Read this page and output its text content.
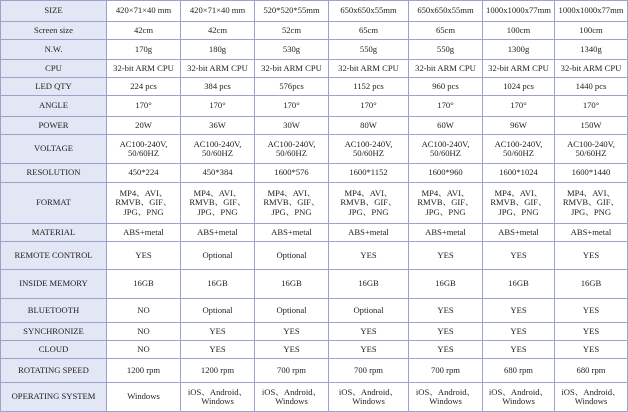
SIZE	420×71×40 mm	420×71×40 mm	520*520*55mm	650x650x55mm	650x650x55mm	1000x1000x77mm	1000x1000x77mm
Screen size	42cm	42cm	52cm	65cm	65cm	100cm	100cm
N.W.	170g	180g	530g	550g	550g	1300g	1340g
CPU	32-bit ARM CPU	32-bit ARM CPU	32-bit ARM CPU	32-bit ARM CPU	32-bit ARM CPU	32-bit ARM CPU	32-bit ARM CPU
LED QTY	224 pcs	384 pcs	576pcs	1152 pcs	960 pcs	1024 pcs	1440 pcs
ANGLE	170°	170°	170°	170°	170°	170°	170°
POWER	20W	36W	30W	80W	60W	96W	150W
VOLTAGE	AC100-240V, 50/60HZ	AC100-240V, 50/60HZ	AC100-240V, 50/60HZ	AC100-240V, 50/60HZ	AC100-240V, 50/60HZ	AC100-240V, 50/60HZ	AC100-240V, 50/60HZ
RESOLUTION	450*224	450*384	1600*576	1600*1152	1600*960	1600*1024	1600*1440
FORMAT	MP4、AVI、RMVB、GIF、JPG、PNG	MP4、AVI、RMVB、GIF、JPG、PNG	MP4、AVI、RMVB、GIF、JPG、PNG	MP4、AVI、RMVB、GIF、JPG、PNG	MP4、AVI、RMVB、GIF、JPG、PNG	MP4、AVI、RMVB、GIF、JPG、PNG	MP4、AVI、RMVB、GIF、JPG、PNG
MATERIAL	ABS+metal	ABS+metal	ABS+metal	ABS+metal	ABS+metal	ABS+metal	ABS+metal
REMOTE CONTROL	YES	Optional	Optional	YES	YES	YES	YES
INSIDE MEMORY	16GB	16GB	16GB	16GB	16GB	16GB	16GB
BLUETOOTH	NO	Optional	Optional	Optional	YES	YES	YES
SYNCHRONIZE	NO	YES	YES	YES	YES	YES	YES
CLOUD	NO	YES	YES	YES	YES	YES	YES
ROTATING SPEED	1200 rpm	1200 rpm	700 rpm	700 rpm	700 rpm	680 rpm	680 rpm
OPERATING SYSTEM	Windows	iOS、Android、Windows	iOS、Android、Windows	iOS、Android、Windows	iOS、Android、Windows	iOS、Android、Windows	iOS、Android、Windows
